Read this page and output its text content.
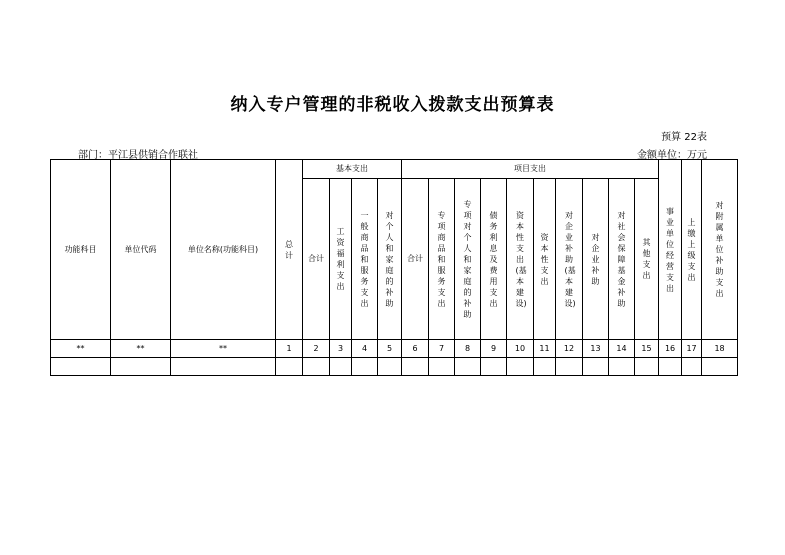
纳入专户管理的非税收入拨款支出预算表
预算 22表
部门：平江县供销合作联社	金额单位：万元
功能科目	单位代码	单位名称(功能科目)	总计	基本支出				项目支出										事业单位经营支出	上缴上级支出	对附属单位补助支出
				合计	工资福利支出	一般商品和服务支出	对个人和家庭的补助	合计	专项商品和服务支出	专项对个人和家庭的补助	债务利息及费用支出	资本性支出(基本建设)	资本性支出	对企业补助(基本建设)	对企业补助	对社会保障基金补助	其他支出			
**	**	**	1	2	3	4	5	6	7	8	9	10	11	12	13	14	15	16	17	18
